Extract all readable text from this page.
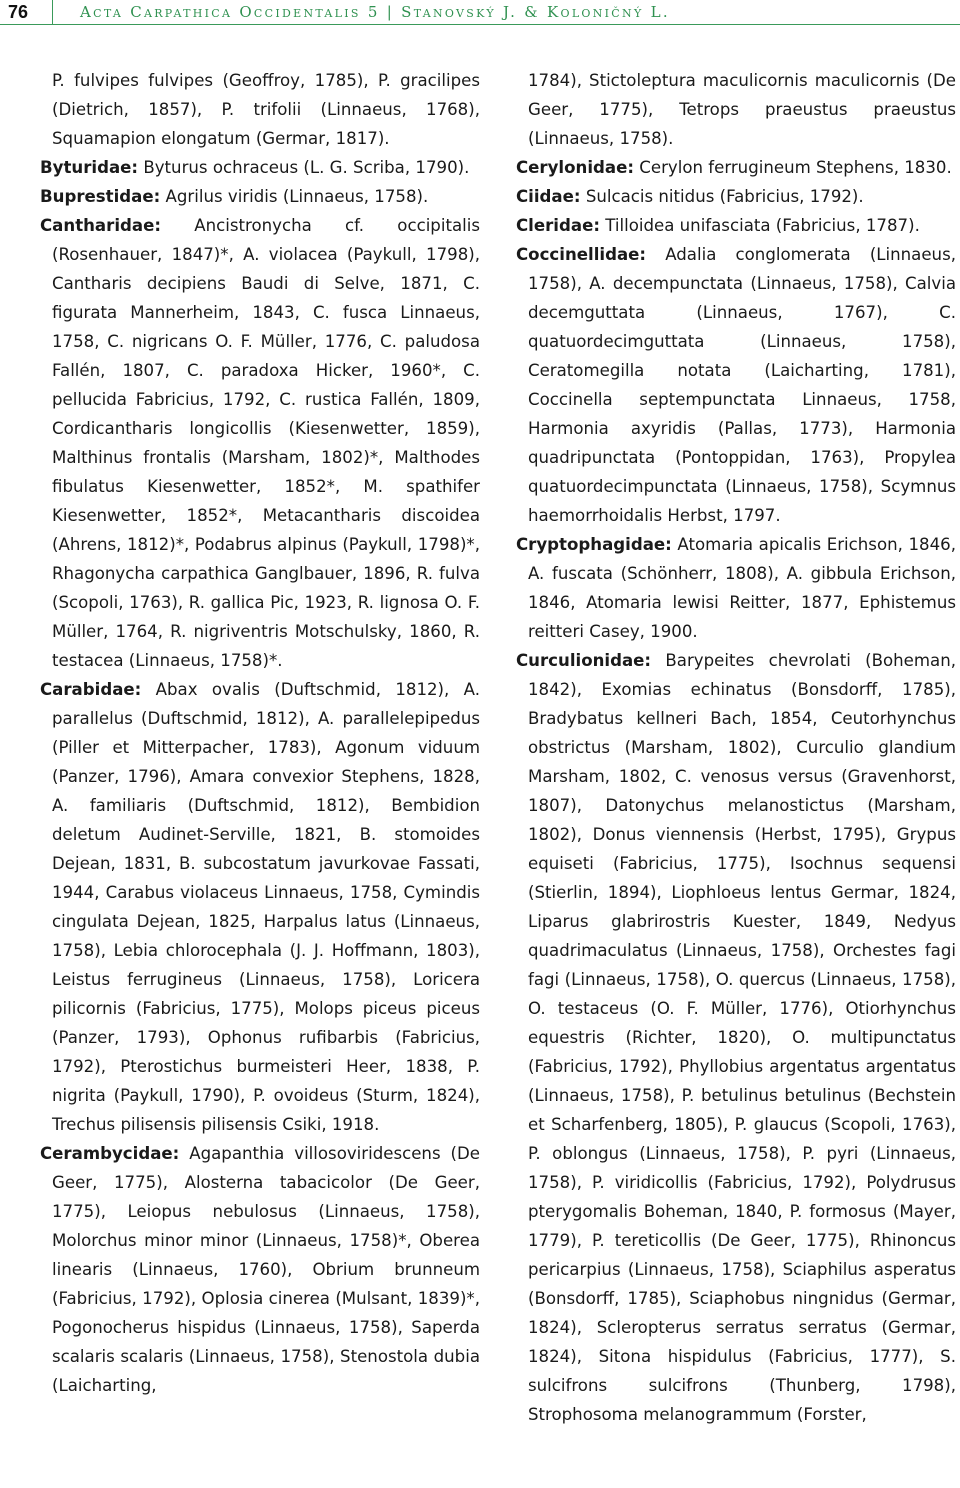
76	Acta Carpathica Occidentalis 5 | Stanovský J. & Koloničný L.

P. fulvipes fulvipes (Geoffroy, 1785), P. gracilipes (Dietrich, 1857), P. trifolii (Linnaeus, 1768), Squamapion elongatum (Germar, 1817).

Byturidae: Byturus ochraceus (L. G. Scriba, 1790).

Buprestidae: Agrilus viridis (Linnaeus, 1758).

Cantharidae: Ancistronycha cf. occipitalis (Rosenhauer, 1847)*, A. violacea (Paykull, 1798), Cantharis decipiens Baudi di Selve, 1871, C. figurata Mannerheim, 1843, C. fusca Linnaeus, 1758, C. nigricans O. F. Müller, 1776, C. paludosa Fallén, 1807, C. paradoxa Hicker, 1960*, C. pellucida Fabricius, 1792, C. rustica Fallén, 1809, Cordicantharis longicollis (Kiesenwetter, 1859), Malthinus frontalis (Marsham, 1802)*, Malthodes fibulatus Kiesenwetter, 1852*, M. spathifer Kiesenwetter, 1852*, Metacantharis discoidea (Ahrens, 1812)*, Podabrus alpinus (Paykull, 1798)*, Rhagonycha carpathica Ganglbauer, 1896, R. fulva (Scopoli, 1763), R. gallica Pic, 1923, R. lignosa O. F. Müller, 1764, R. nigriventris Motschulsky, 1860, R. testacea (Linnaeus, 1758)*.

Carabidae: Abax ovalis (Duftschmid, 1812), A. parallelus (Duftschmid, 1812), A. parallelepipedus (Piller et Mitterpacher, 1783), Agonum viduum (Panzer, 1796), Amara convexior Stephens, 1828, A. familiaris (Duftschmid, 1812), Bembidion deletum Audinet-Serville, 1821, B. stomoides Dejean, 1831, B. subcostatum javurkovae Fassati, 1944, Carabus violaceus Linnaeus, 1758, Cymindis cingulata Dejean, 1825, Harpalus latus (Linnaeus, 1758), Lebia chlorocephala (J. J. Hoffmann, 1803), Leistus ferrugineus (Linnaeus, 1758), Loricera pilicornis (Fabricius, 1775), Molops piceus piceus (Panzer, 1793), Ophonus rufibarbis (Fabricius, 1792), Pterostichus burmeisteri Heer, 1838, P. nigrita (Paykull, 1790), P. ovoideus (Sturm, 1824), Trechus pilisensis pilisensis Csiki, 1918.

Cerambycidae: Agapanthia villosoviridescens (De Geer, 1775), Alosterna tabacicolor (De Geer, 1775), Leiopus nebulosus (Linnaeus, 1758), Molorchus minor minor (Linnaeus, 1758)*, Oberea linearis (Linnaeus, 1760), Obrium brunneum (Fabricius, 1792), Oplosia cinerea (Mulsant, 1839)*, Pogonocherus hispidus (Linnaeus, 1758), Saperda scalaris scalaris (Linnaeus, 1758), Stenostola dubia (Laicharting,

1784), Stictoleptura maculicornis maculicornis (De Geer, 1775), Tetrops praeustus praeustus (Linnaeus, 1758).

Cerylonidae: Cerylon ferrugineum Stephens, 1830.

Ciidae: Sulcacis nitidus (Fabricius, 1792).

Cleridae: Tilloidea unifasciata (Fabricius, 1787).

Coccinellidae: Adalia conglomerata (Linnaeus, 1758), A. decempunctata (Linnaeus, 1758), Calvia decemguttata (Linnaeus, 1767), C. quatuordecimguttata (Linnaeus, 1758), Ceratomegilla notata (Laicharting, 1781), Coccinella septempunctata Linnaeus, 1758, Harmonia axyridis (Pallas, 1773), Harmonia quadripunctata (Pontoppidan, 1763), Propylea quatuordecimpunctata (Linnaeus, 1758), Scymnus haemorrhoidalis Herbst, 1797.

Cryptophagidae: Atomaria apicalis Erichson, 1846, A. fuscata (Schönherr, 1808), A. gibbula Erichson, 1846, Atomaria lewisi Reitter, 1877, Ephistemus reitteri Casey, 1900.

Curculionidae: Barypeites chevrolati (Boheman, 1842), Exomias echinatus (Bonsdorff, 1785), Bradybatus kellneri Bach, 1854, Ceutorhynchus obstrictus (Marsham, 1802), Curculio glandium Marsham, 1802, C. venosus versus (Gravenhorst, 1807), Datonychus melanostictus (Marsham, 1802), Donus viennensis (Herbst, 1795), Grypus equiseti (Fabricius, 1775), Isochnus sequensi (Stierlin, 1894), Liophloeus lentus Germar, 1824, Liparus glabrirostris Kuester, 1849, Nedyus quadrimaculatus (Linnaeus, 1758), Orchestes fagi fagi (Linnaeus, 1758), O. quercus (Linnaeus, 1758), O. testaceus (O. F. Müller, 1776), Otiorhynchus equestris (Richter, 1820), O. multipunctatus (Fabricius, 1792), Phyllobius argentatus argentatus (Linnaeus, 1758), P. betulinus betulinus (Bechstein et Scharfenberg, 1805), P. glaucus (Scopoli, 1763), P. oblongus (Linnaeus, 1758), P. pyri (Linnaeus, 1758), P. viridicollis (Fabricius, 1792), Polydrusus pterygomalis Boheman, 1840, P. formosus (Mayer, 1779), P. tereticollis (De Geer, 1775), Rhinoncus pericarpius (Linnaeus, 1758), Sciaphilus asperatus (Bonsdorff, 1785), Sciaphobus ningnidus (Germar, 1824), Scleropterus serratus serratus (Germar, 1824), Sitona hispidulus (Fabricius, 1777), S. sulcifrons sulcifrons (Thunberg, 1798), Strophosoma melanogrammum (Forster,
